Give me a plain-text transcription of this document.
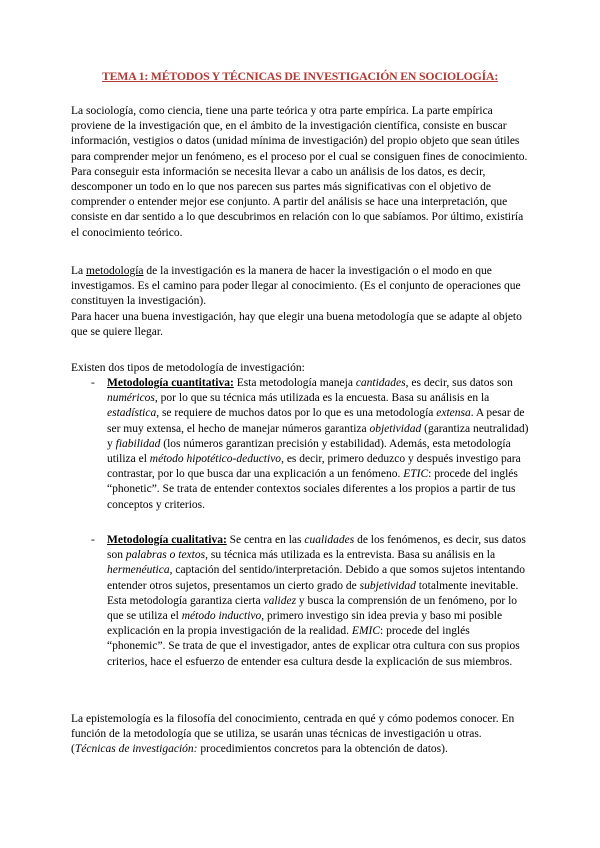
TEMA 1: MÉTODOS Y TÉCNICAS DE INVESTIGACIÓN EN SOCIOLOGÍA:

La sociología, como ciencia, tiene una parte teórica y otra parte empírica. La parte empírica proviene de la investigación que, en el ámbito de la investigación científica, consiste en buscar información, vestigios o datos (unidad mínima de investigación) del propio objeto que sean útiles para comprender mejor un fenómeno, es el proceso por el cual se consiguen fines de conocimiento. Para conseguir esta información se necesita llevar a cabo un análisis de los datos, es decir, descomponer un todo en lo que nos parecen sus partes más significativas con el objetivo de comprender o entender mejor ese conjunto. A partir del análisis se hace una interpretación, que consiste en dar sentido a lo que descubrimos en relación con lo que sabíamos. Por último, existiría el conocimiento teórico.

La metodología de la investigación es la manera de hacer la investigación o el modo en que investigamos. Es el camino para poder llegar al conocimiento. (Es el conjunto de operaciones que constituyen la investigación).
Para hacer una buena investigación, hay que elegir una buena metodología que se adapte al objeto que se quiere llegar.

Existen dos tipos de metodología de investigación:

- Metodología cuantitativa: Esta metodología maneja cantidades, es decir, sus datos son numéricos, por lo que su técnica más utilizada es la encuesta. Basa su análisis en la estadística, se requiere de muchos datos por lo que es una metodología extensa. A pesar de ser muy extensa, el hecho de manejar números garantiza objetividad (garantiza neutralidad) y fiabilidad (los números garantizan precisión y estabilidad). Además, esta metodología utiliza el método hipotético-deductivo, es decir, primero deduzco y después investigo para contrastar, por lo que busca dar una explicación a un fenómeno. ETIC: procede del inglés “phonetic”. Se trata de entender contextos sociales diferentes a los propios a partir de tus conceptos y criterios.

- Metodología cualitativa: Se centra en las cualidades de los fenómenos, es decir, sus datos son palabras o textos, su técnica más utilizada es la entrevista. Basa su análisis en la hermenéutica, captación del sentido/interpretación. Debido a que somos sujetos intentando entender otros sujetos, presentamos un cierto grado de subjetividad totalmente inevitable. Esta metodología garantiza cierta validez y busca la comprensión de un fenómeno, por lo que se utiliza el método inductivo, primero investigo sin idea previa y baso mi posible explicación en la propia investigación de la realidad. EMIC: procede del inglés “phonemic”. Se trata de que el investigador, antes de explicar otra cultura con sus propios criterios, hace el esfuerzo de entender esa cultura desde la explicación de sus miembros.

La epistemología es la filosofía del conocimiento, centrada en qué y cómo podemos conocer. En función de la metodología que se utiliza, se usarán unas técnicas de investigación u otras. (Técnicas de investigación: procedimientos concretos para la obtención de datos).
